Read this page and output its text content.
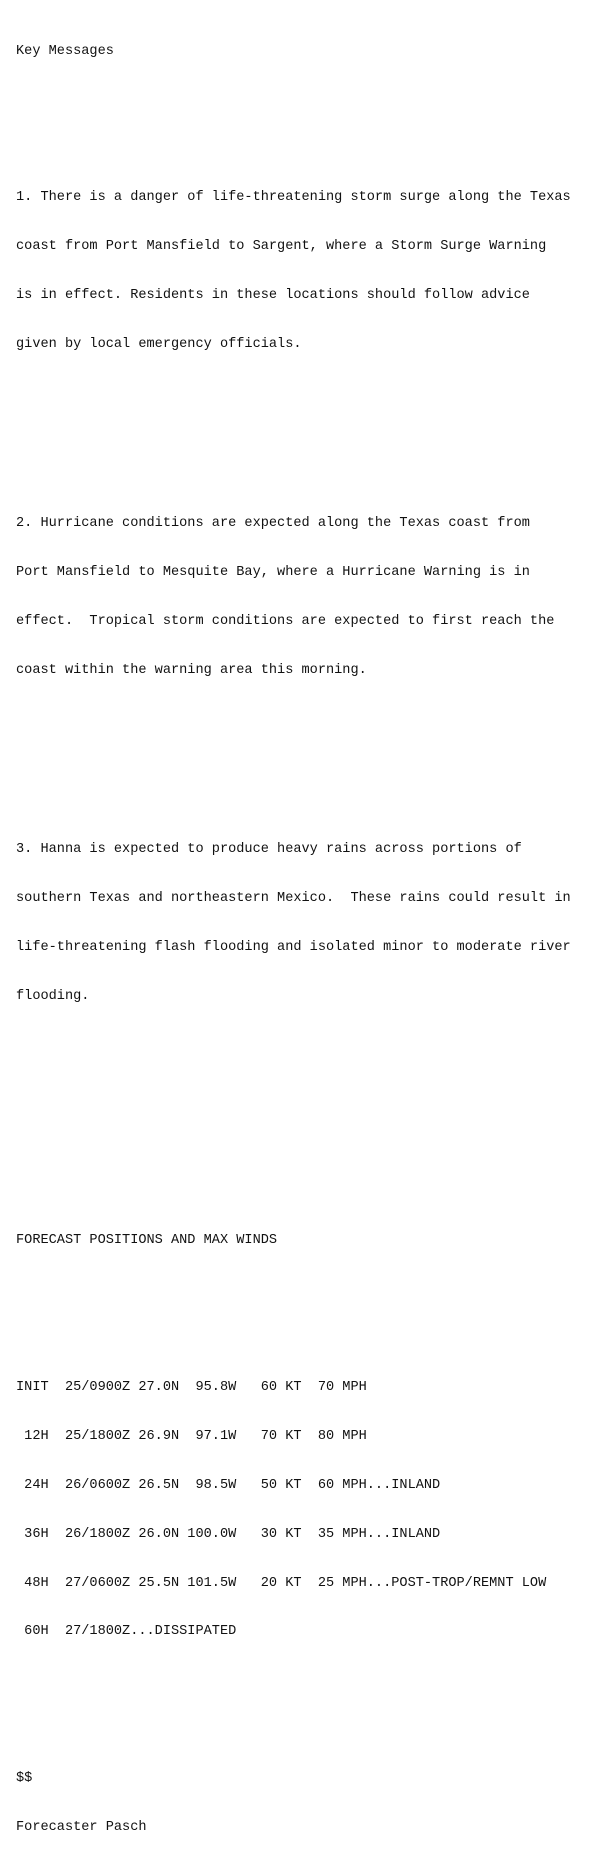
Key Messages

1. There is a danger of life-threatening storm surge along the Texas

coast from Port Mansfield to Sargent, where a Storm Surge Warning

is in effect. Residents in these locations should follow advice

given by local emergency officials.

2. Hurricane conditions are expected along the Texas coast from

Port Mansfield to Mesquite Bay, where a Hurricane Warning is in

effect.  Tropical storm conditions are expected to first reach the

coast within the warning area this morning.

3. Hanna is expected to produce heavy rains across portions of

southern Texas and northeastern Mexico.  These rains could result in

life-threatening flash flooding and isolated minor to moderate river

flooding.

FORECAST POSITIONS AND MAX WINDS

INIT  25/0900Z 27.0N  95.8W   60 KT  70 MPH

12H  25/1800Z 26.9N  97.1W   70 KT  80 MPH

24H  26/0600Z 26.5N  98.5W   50 KT  60 MPH...INLAND

36H  26/1800Z 26.0N 100.0W   30 KT  35 MPH...INLAND

48H  27/0600Z 25.5N 101.5W   20 KT  25 MPH...POST-TROP/REMNT LOW

60H  27/1800Z...DISSIPATED

$$

Forecaster Pasch
